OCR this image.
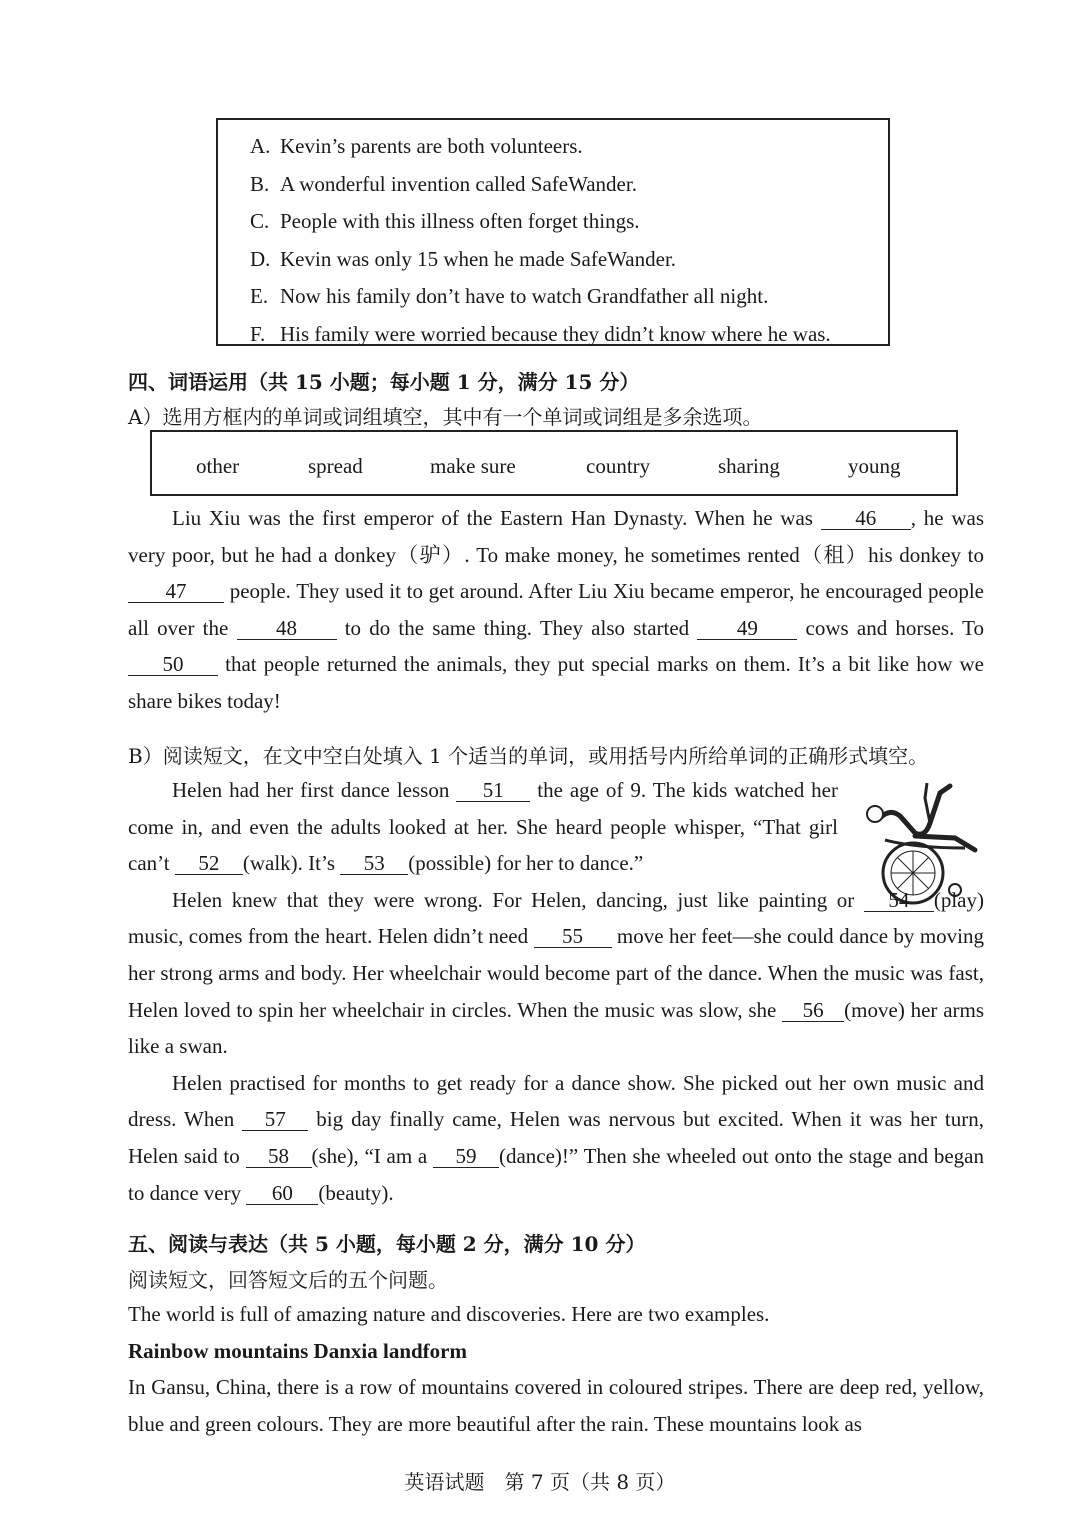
A. Kevin’s parents are both volunteers.
B. A wonderful invention called SafeWander.
C. People with this illness often forget things.
D. Kevin was only 15 when he made SafeWander.
E. Now his family don’t have to watch Grandfather all night.
F. His family were worried because they didn’t know where he was.
四、词语运用（共 15 小题；每小题 1 分，满分 15 分）
A）选用方框内的单词或词组填空，其中有一个单词或词组是多余选项。
other	spread	make sure	country	sharing	young

Liu Xiu was the first emperor of the Eastern Han Dynasty. When he was 46 , he was very poor, but he had a donkey（驴）. To make money, he sometimes rented（租）his donkey to 47 people. They used it to get around. After Liu Xiu became emperor, he encouraged people all over the 48 to do the same thing. They also started 49 cows and horses. To 50 that people returned the animals, they put special marks on them. It’s a bit like how we share bikes today!

B）阅读短文，在文中空白处填入 1 个适当的单词，或用括号内所给单词的正确形式填空。

Helen had her first dance lesson 51 the age of 9. The kids watched her come in, and even the adults looked at her. She heard people whisper, “That girl can’t 52 (walk). It’s 53 (possible) for her to dance.”

Helen knew that they were wrong. For Helen, dancing, just like painting or 54 (play) music, comes from the heart. Helen didn’t need 55 move her feet—she could dance by moving her strong arms and body. Her wheelchair would become part of the dance. When the music was fast, Helen loved to spin her wheelchair in circles. When the music was slow, she 56 (move) her arms like a swan.

Helen practised for months to get ready for a dance show. She picked out her own music and dress. When 57 big day finally came, Helen was nervous but excited. When it was her turn, Helen said to 58 (she), “I am a 59 (dance)!” Then she wheeled out onto the stage and began to dance very 60 (beauty).

五、阅读与表达（共 5 小题，每小题 2 分，满分 10 分）
阅读短文，回答短文后的五个问题。

The world is full of amazing nature and discoveries. Here are two examples.

Rainbow mountains Danxia landform

In Gansu, China, there is a row of mountains covered in coloured stripes. There are deep red, yellow, blue and green colours. They are more beautiful after the rain. These mountains look as

英语试题　第 7 页（共 8 页）
